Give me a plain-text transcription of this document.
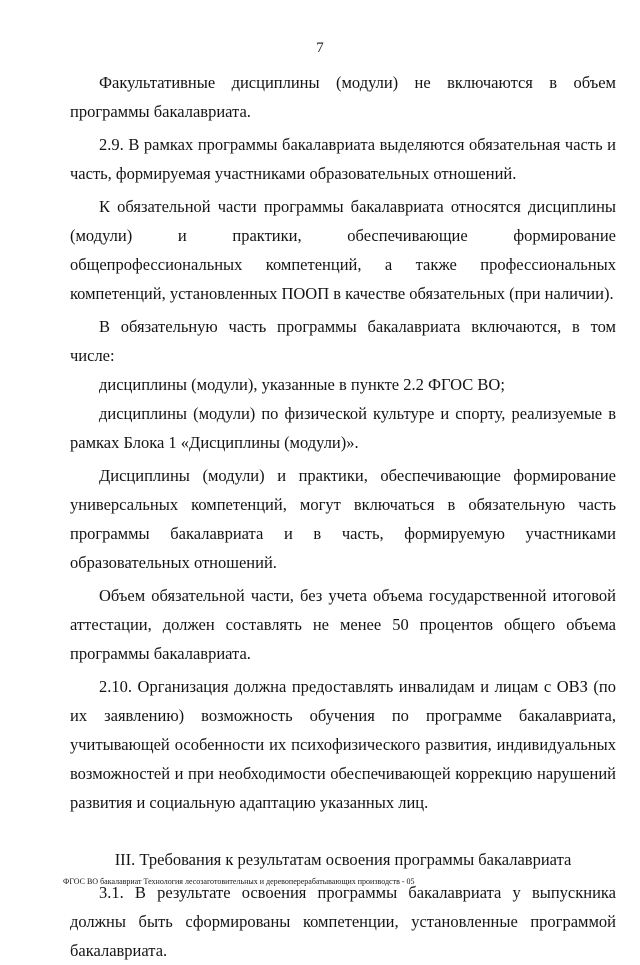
7

Факультативные дисциплины (модули) не включаются в объем программы бакалавриата.

2.9. В рамках программы бакалавриата выделяются обязательная часть и часть, формируемая участниками образовательных отношений.

К обязательной части программы бакалавриата относятся дисциплины (модули) и практики, обеспечивающие формирование общепрофессиональных компетенций, а также профессиональных компетенций, установленных ПООП в качестве обязательных (при наличии).

В обязательную часть программы бакалавриата включаются, в том числе:

дисциплины (модули), указанные в пункте 2.2 ФГОС ВО;

дисциплины (модули) по физической культуре и спорту, реализуемые в рамках Блока 1 «Дисциплины (модули)».

Дисциплины (модули) и практики, обеспечивающие формирование универсальных компетенций, могут включаться в обязательную часть программы бакалавриата и в часть, формируемую участниками образовательных отношений.

Объем обязательной части, без учета объема государственной итоговой аттестации, должен составлять не менее 50 процентов общего объема программы бакалавриата.

2.10. Организация должна предоставлять инвалидам и лицам с ОВЗ (по их заявлению) возможность обучения по программе бакалавриата, учитывающей особенности их психофизического развития, индивидуальных возможностей и при необходимости обеспечивающей коррекцию нарушений развития и социальную адаптацию указанных лиц.

III. Требования к результатам освоения программы бакалавриата

3.1. В результате освоения программы бакалавриата у выпускника должны быть сформированы компетенции, установленные программой бакалавриата.

ФГОС ВО бакалавриат Технология лесозаготовительных и деревоперерабатывающих производств - 05
